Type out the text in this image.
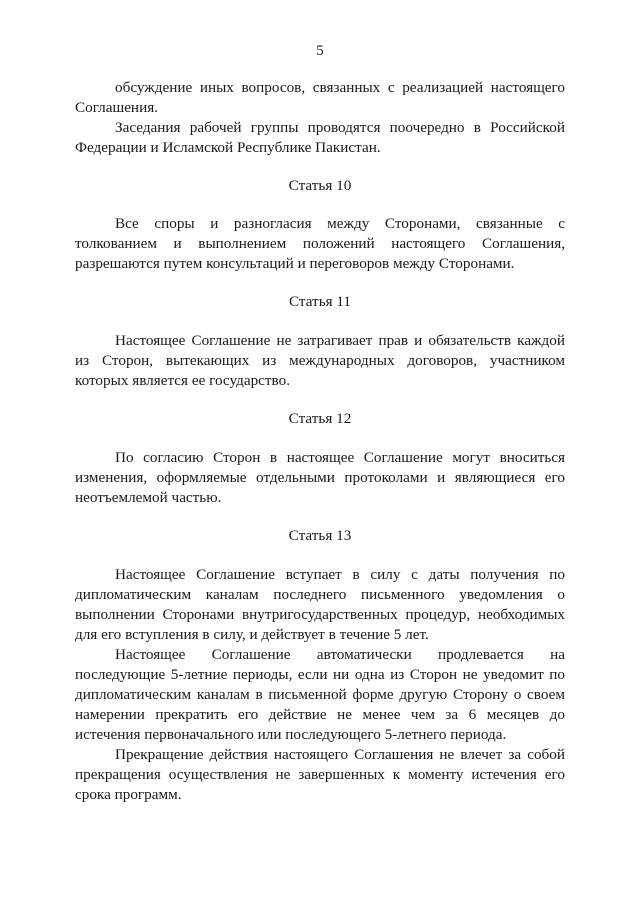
5

обсуждение иных вопросов, связанных с реализацией настоящего Соглашения.

Заседания рабочей группы проводятся поочередно в Российской Федерации и Исламской Республике Пакистан.

Статья 10

Все споры и разногласия между Сторонами, связанные с толкованием и выполнением положений настоящего Соглашения, разрешаются путем консультаций и переговоров между Сторонами.

Статья 11

Настоящее Соглашение не затрагивает прав и обязательств каждой из Сторон, вытекающих из международных договоров, участником которых является ее государство.

Статья 12

По согласию Сторон в настоящее Соглашение могут вноситься изменения, оформляемые отдельными протоколами и являющиеся его неотъемлемой частью.

Статья 13

Настоящее Соглашение вступает в силу с даты получения по дипломатическим каналам последнего письменного уведомления о выполнении Сторонами внутригосударственных процедур, необходимых для его вступления в силу, и действует в течение 5 лет.

Настоящее Соглашение автоматически продлевается на последующие 5-летние периоды, если ни одна из Сторон не уведомит по дипломатическим каналам в письменной форме другую Сторону о своем намерении прекратить его действие не менее чем за 6 месяцев до истечения первоначального или последующего 5-летнего периода.

Прекращение действия настоящего Соглашения не влечет за собой прекращения осуществления не завершенных к моменту истечения его срока программ.
